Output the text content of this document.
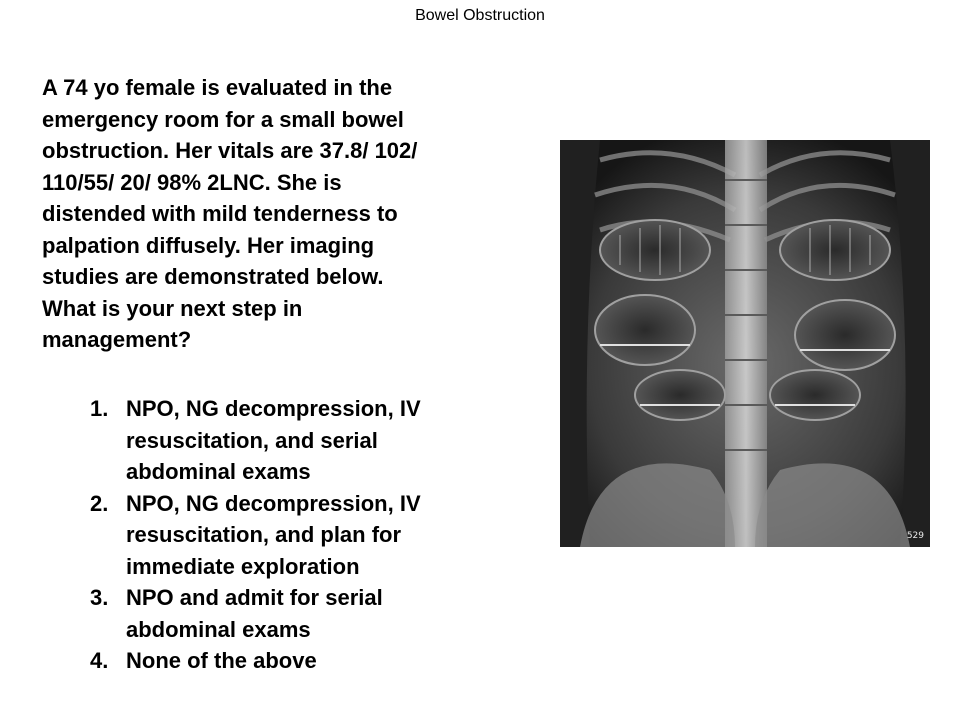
Bowel Obstruction

A 74 yo female is evaluated in the
emergency room for a small bowel
obstruction. Her vitals are 37.8/ 102/
110/55/ 20/ 98% 2LNC. She is
distended with mild tenderness to
palpation diffusely. Her imaging
studies are demonstrated below.
What is your next step in
management?

1. NPO, NG decompression, IV
resuscitation, and serial
abdominal exams
2. NPO, NG decompression, IV
resuscitation, and plan for
immediate exploration
3. NPO and admit for serial
abdominal exams
4. None of the above
529
